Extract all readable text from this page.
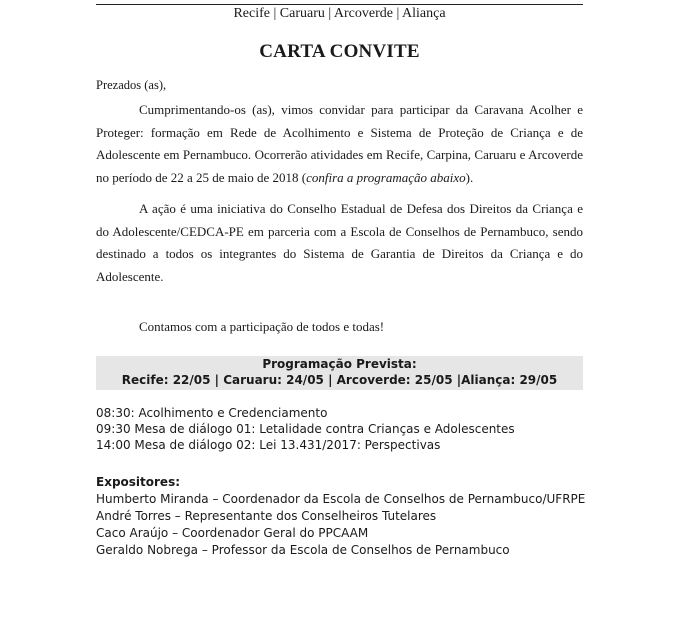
Recife | Caruaru | Arcoverde | Aliança
CARTA CONVITE
Prezados (as),

Cumprimentando-os (as), vimos convidar para participar da Caravana Acolher e Proteger: formação em Rede de Acolhimento e Sistema de Proteção de Criança e de Adolescente em Pernambuco. Ocorrerão atividades em Recife, Carpina, Caruaru e Arcoverde no período de 22 a 25 de maio de 2018 (confira a programação abaixo).

A ação é uma iniciativa do Conselho Estadual de Defesa dos Direitos da Criança e do Adolescente/CEDCA-PE em parceria com a Escola de Conselhos de Pernambuco, sendo destinado a todos os integrantes do Sistema de Garantia de Direitos da Criança e do Adolescente.

Contamos com a participação de todos e todas!
Programação Prevista:
Recife: 22/05 | Caruaru: 24/05 | Arcoverde: 25/05 |Aliança: 29/05
08:30: Acolhimento e Credenciamento
09:30 Mesa de diálogo 01: Letalidade contra Crianças e Adolescentes
14:00 Mesa de diálogo 02: Lei 13.431/2017: Perspectivas
Expositores:
Humberto Miranda – Coordenador da Escola de Conselhos de Pernambuco/UFRPE
André Torres – Representante dos Conselheiros Tutelares
Caco Araújo – Coordenador Geral do PPCAAM
Geraldo Nobrega – Professor da Escola de Conselhos de Pernambuco
